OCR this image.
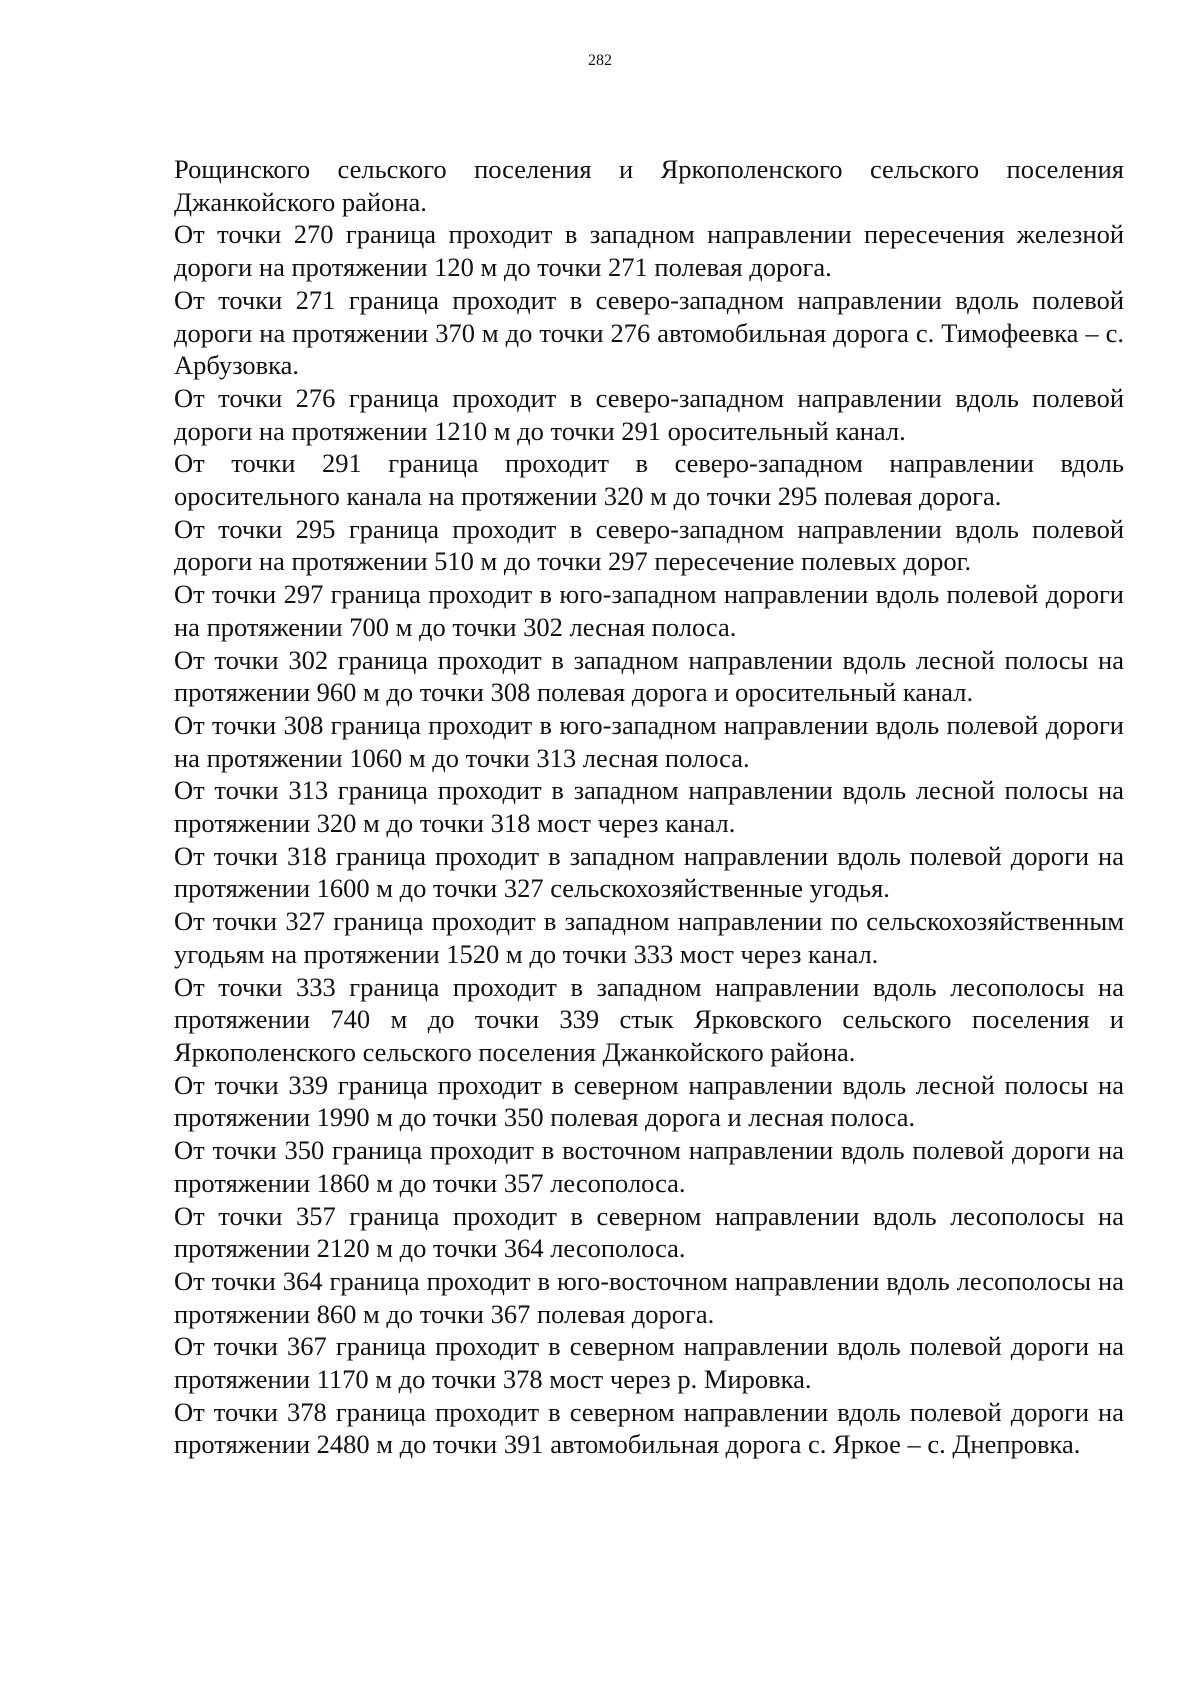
282

Рощинского сельского поселения и Яркополенского сельского поселения Джанкойского района.

От точки 270 граница проходит в западном направлении пересечения железной дороги на протяжении 120 м до точки 271 полевая дорога.

От точки 271 граница проходит в северо-западном направлении вдоль полевой дороги на протяжении 370 м до точки 276 автомобильная дорога с. Тимофеевка – с. Арбузовка.

От точки 276 граница проходит в северо-западном направлении вдоль полевой дороги на протяжении 1210 м до точки 291 оросительный канал.

От точки 291 граница проходит в северо-западном направлении вдоль оросительного канала на протяжении 320 м до точки 295 полевая дорога.

От точки 295 граница проходит в северо-западном направлении вдоль полевой дороги на протяжении 510 м до точки 297 пересечение полевых дорог.

От точки 297 граница проходит в юго-западном направлении вдоль полевой дороги на протяжении 700 м до точки 302 лесная полоса.

От точки 302 граница проходит в западном направлении вдоль лесной полосы на протяжении 960 м до точки 308 полевая дорога и оросительный канал.

От точки 308 граница проходит в юго-западном направлении вдоль полевой дороги на протяжении 1060 м до точки 313 лесная полоса.

От точки 313 граница проходит в западном направлении вдоль лесной полосы на протяжении 320 м до точки 318 мост через канал.

От точки 318 граница проходит в западном направлении вдоль полевой дороги на протяжении 1600 м до точки 327 сельскохозяйственные угодья.

От точки 327 граница проходит в западном направлении по сельскохозяйственным угодьям на протяжении 1520 м до точки 333 мост через канал.

От точки 333 граница проходит в западном направлении вдоль лесополосы на протяжении 740 м до точки 339 стык Ярковского сельского поселения и Яркополенского сельского поселения Джанкойского района.

От точки 339 граница проходит в северном направлении вдоль лесной полосы на протяжении 1990 м до точки 350 полевая дорога и лесная полоса.

От точки 350 граница проходит в восточном направлении вдоль полевой дороги на протяжении 1860 м до точки 357 лесополоса.

От точки 357 граница проходит в северном направлении вдоль лесополосы на протяжении 2120 м до точки 364 лесополоса.

От точки 364 граница проходит в юго-восточном направлении вдоль лесополосы на протяжении 860 м до точки 367 полевая дорога.

От точки 367 граница проходит в северном направлении вдоль полевой дороги на протяжении 1170 м до точки 378 мост через р. Мировка.

От точки 378 граница проходит в северном направлении вдоль полевой дороги на протяжении 2480 м до точки 391 автомобильная дорога с. Яркое – с. Днепровка.
